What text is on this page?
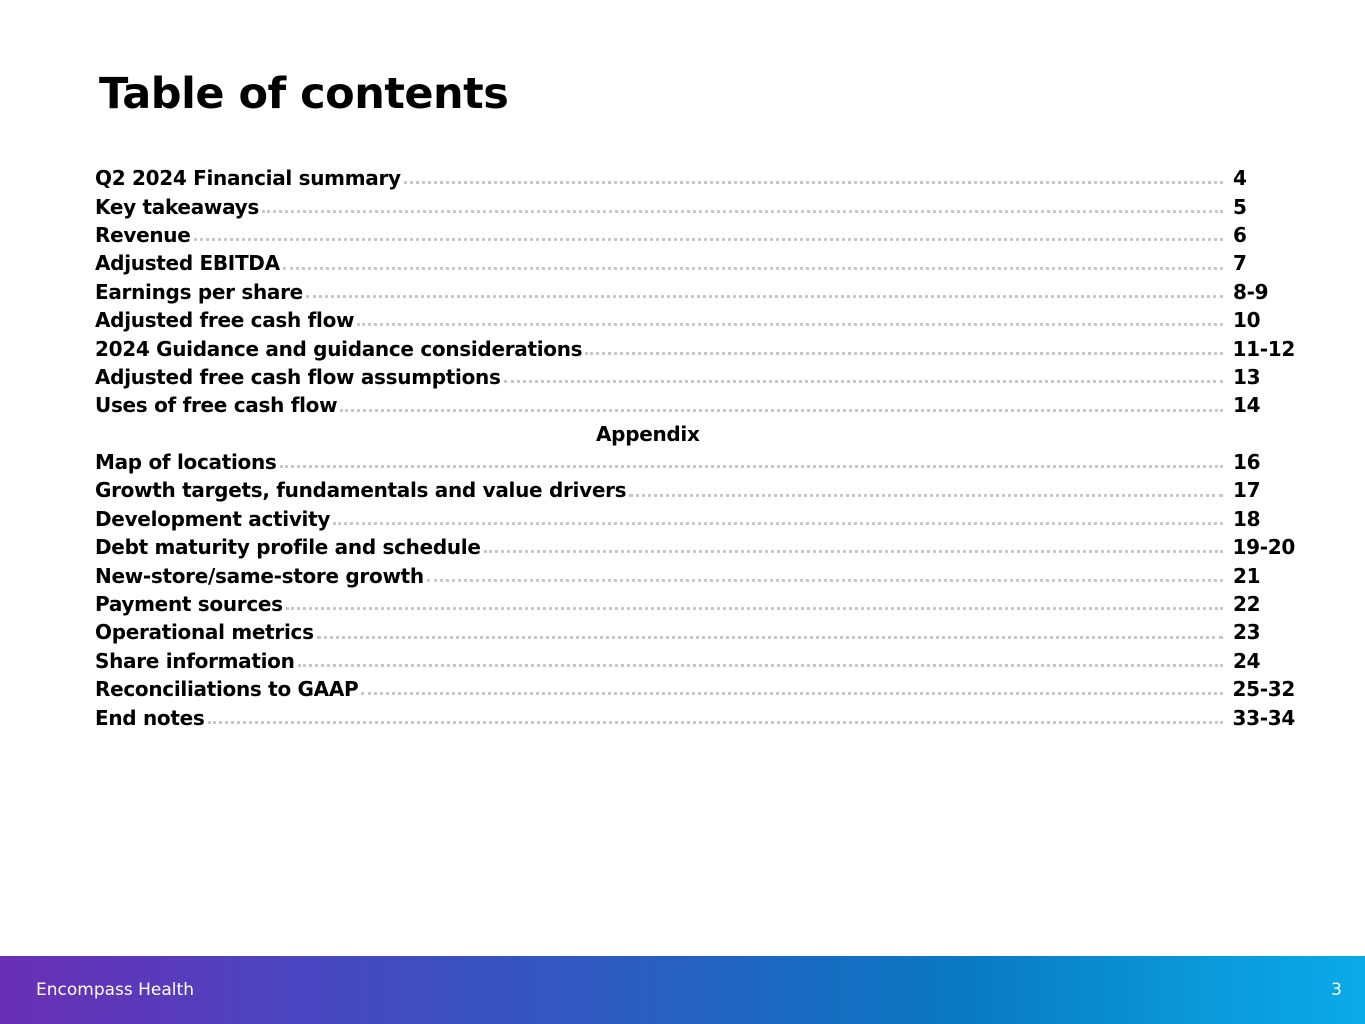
Table of contents
Q2 2024 Financial summary	4
Key takeaways	5
Revenue	6
Adjusted EBITDA	7
Earnings per share	8-9
Adjusted free cash flow	10
2024 Guidance and guidance considerations	11-12
Adjusted free cash flow assumptions	13
Uses of free cash flow	14
Appendix
Map of locations	16
Growth targets, fundamentals and value drivers	17
Development activity	18
Debt maturity profile and schedule	19-20
New-store/same-store growth	21
Payment sources	22
Operational metrics	23
Share information	24
Reconciliations to GAAP	25-32
End notes	33-34
Encompass Health	3
